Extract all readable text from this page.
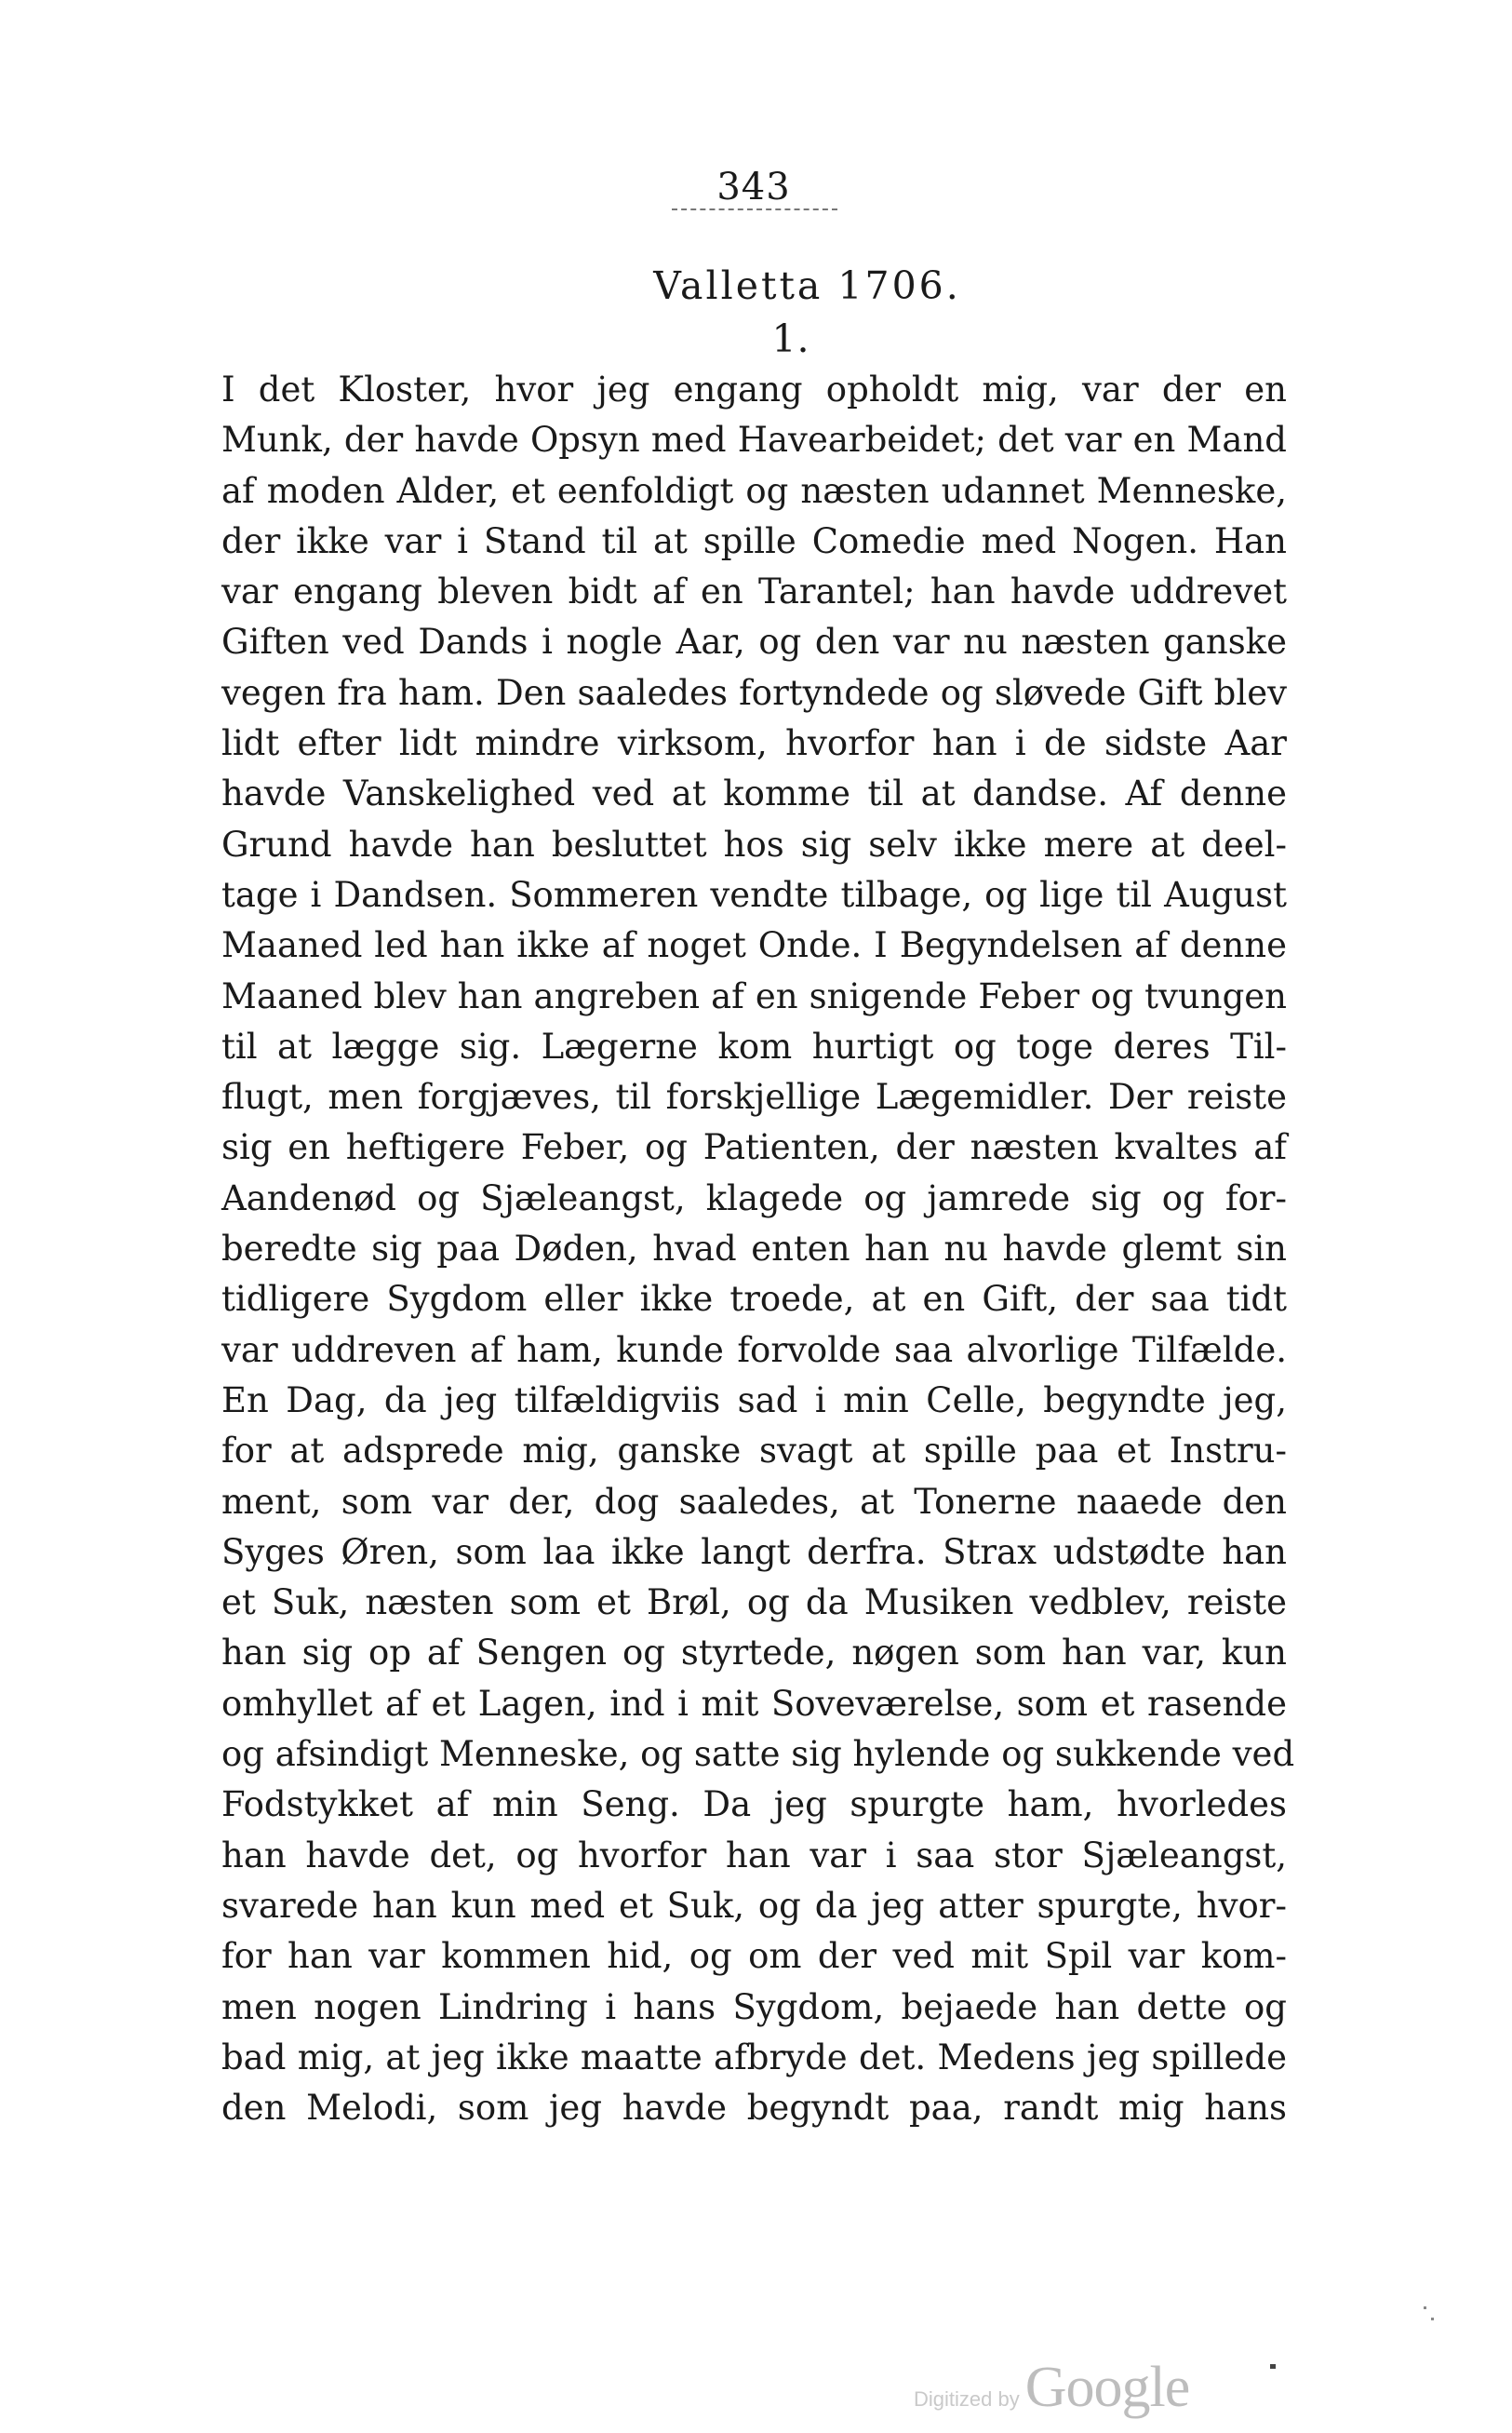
343
Valletta 1706.
1.
I det Kloster, hvor jeg engang opholdt mig, var der en
Munk, der havde Opsyn med Havearbeidet; det var en Mand
af moden Alder, et eenfoldigt og næsten udannet Menneske,
der ikke var i Stand til at spille Comedie med Nogen. Han
var engang bleven bidt af en Tarantel; han havde uddrevet
Giften ved Dands i nogle Aar, og den var nu næsten ganske
vegen fra ham. Den saaledes fortyndede og sløvede Gift blev
lidt efter lidt mindre virksom, hvorfor han i de sidste Aar
havde Vanskelighed ved at komme til at dandse. Af denne
Grund havde han besluttet hos sig selv ikke mere at deel-
tage i Dandsen. Sommeren vendte tilbage, og lige til August
Maaned led han ikke af noget Onde. I Begyndelsen af denne
Maaned blev han angreben af en snigende Feber og tvungen
til at lægge sig. Lægerne kom hurtigt og toge deres Til-
flugt, men forgjæves, til forskjellige Lægemidler. Der reiste
sig en heftigere Feber, og Patienten, der næsten kvaltes af
Aandenød og Sjæleangst, klagede og jamrede sig og for-
beredte sig paa Døden, hvad enten han nu havde glemt sin
tidligere Sygdom eller ikke troede, at en Gift, der saa tidt
var uddreven af ham, kunde forvolde saa alvorlige Tilfælde.
En Dag, da jeg tilfældigviis sad i min Celle, begyndte jeg,
for at adsprede mig, ganske svagt at spille paa et Instru-
ment, som var der, dog saaledes, at Tonerne naaede den
Syges Øren, som laa ikke langt derfra. Strax udstødte han
et Suk, næsten som et Brøl, og da Musiken vedblev, reiste
han sig op af Sengen og styrtede, nøgen som han var, kun
omhyllet af et Lagen, ind i mit Soveværelse, som et rasende
og afsindigt Menneske, og satte sig hylende og sukkende ved
Fodstykket af min Seng. Da jeg spurgte ham, hvorledes
han havde det, og hvorfor han var i saa stor Sjæleangst,
svarede han kun med et Suk, og da jeg atter spurgte, hvor-
for han var kommen hid, og om der ved mit Spil var kom-
men nogen Lindring i hans Sygdom, bejaede han dette og
bad mig, at jeg ikke maatte afbryde det. Medens jeg spillede
den Melodi, som jeg havde begyndt paa, randt mig hans
Digitized by Google
